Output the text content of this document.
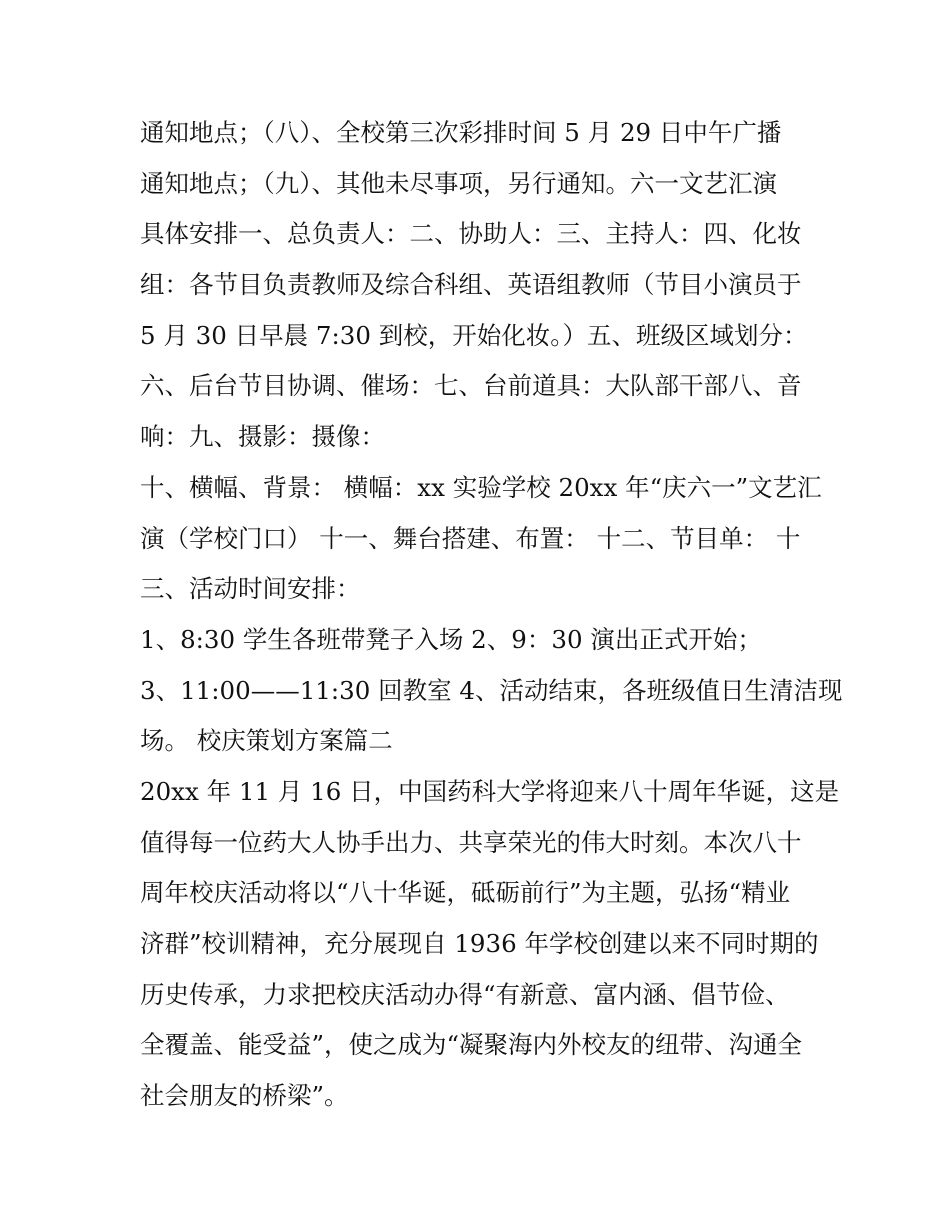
通知地点；（八）、全校第三次彩排时间 5 月 29 日中午广播
通知地点；（九）、其他未尽事项，另行通知。六一文艺汇演
具体安排一、总负责人：二、协助人：三、主持人：四、化妆
组：各节目负责教师及综合科组、英语组教师（节目小演员于
5 月 30 日早晨 7:30 到校，开始化妆。）五、班级区域划分：
六、后台节目协调、催场：七、台前道具：大队部干部八、音
响：九、摄影：摄像：
十、横幅、背景： 横幅：xx 实验学校 20xx 年“庆六一”文艺汇
演（学校门口） 十一、舞台搭建、布置： 十二、节目单： 十
三、活动时间安排：
1、8:30 学生各班带凳子入场 2、9：30 演出正式开始；
3、11:00——11:30 回教室 4、活动结束，各班级值日生清洁现
场。 校庆策划方案篇二
20xx 年 11 月 16 日，中国药科大学将迎来八十周年华诞，这是
值得每一位药大人协手出力、共享荣光的伟大时刻。本次八十
周年校庆活动将以“八十华诞，砥砺前行”为主题，弘扬“精业
济群”校训精神，充分展现自 1936 年学校创建以来不同时期的
历史传承，力求把校庆活动办得“有新意、富内涵、倡节俭、
全覆盖、能受益”，使之成为“凝聚海内外校友的纽带、沟通全
社会朋友的桥梁”。
